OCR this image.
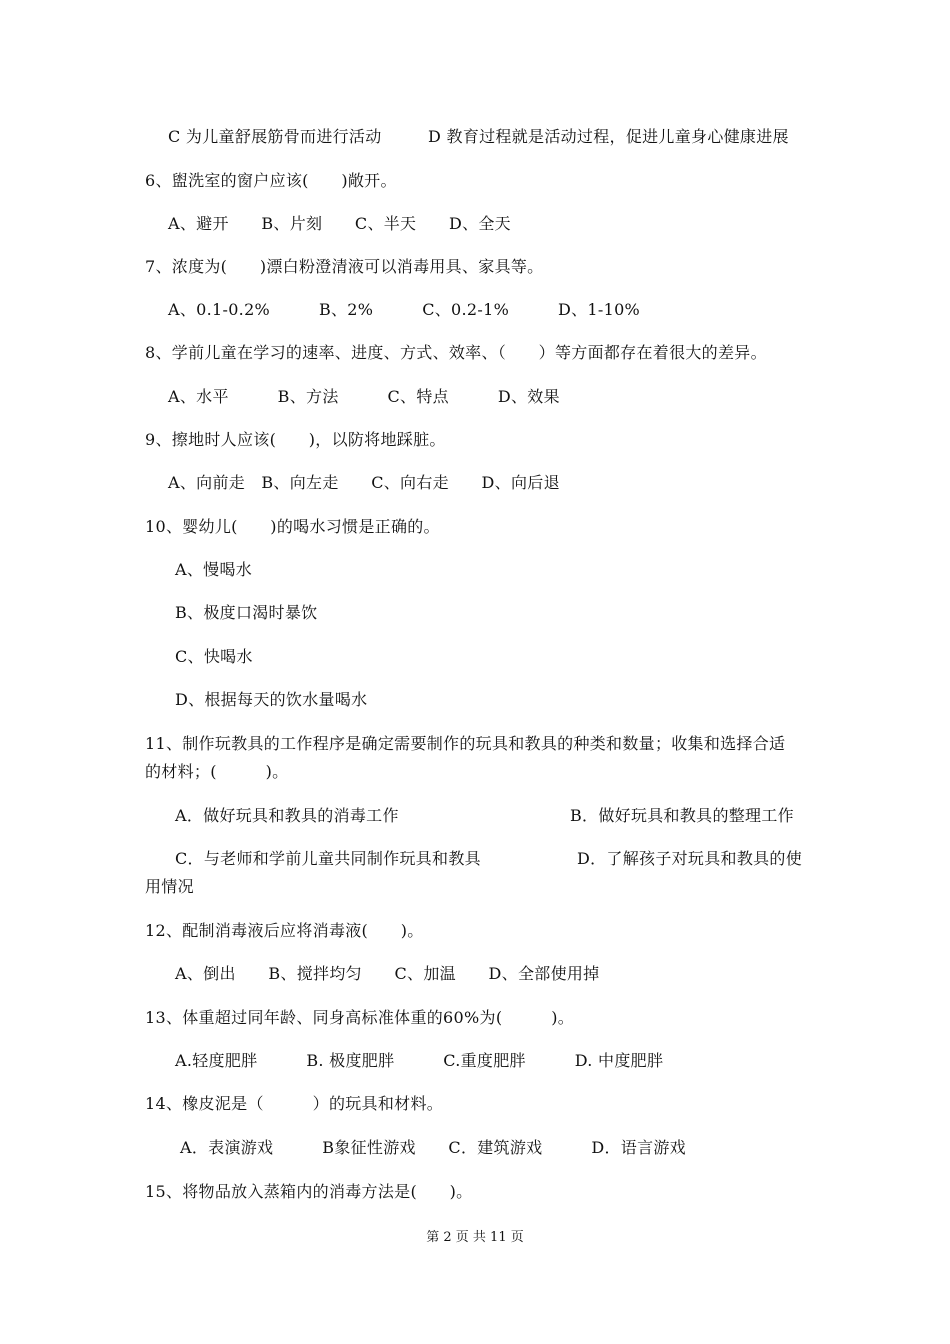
C 为儿童舒展筋骨而进行活动	D 教育过程就是活动过程，促进儿童身心健康进展
6、盥洗室的窗户应该(　　)敞开。
A、避开　　B、片刻　　C、半天　　D、全天
7、浓度为(　　)漂白粉澄清液可以消毒用具、家具等。
A、0.1-0.2%　　　B、2%　　　C、0.2-1%　　　D、1-10%
8、学前儿童在学习的速率、进度、方式、效率、（　　）等方面都存在着很大的差异。
A、水平　　　B、方法　　　C、特点　　　D、效果
9、擦地时人应该(　　)，以防将地踩脏。
A、向前走　B、向左走　　C、向右走　　D、向后退
10、婴幼儿(　　)的喝水习惯是正确的。
A、慢喝水
B、极度口渴时暴饮
C、快喝水
D、根据每天的饮水量喝水
11、制作玩教具的工作程序是确定需要制作的玩具和教具的种类和数量；收集和选择合适
的材料；(　　　)。
A．做好玩具和教具的消毒工作	B．做好玩具和教具的整理工作
C．与老师和学前儿童共同制作玩具和教具	D．了解孩子对玩具和教具的使
用情况
12、配制消毒液后应将消毒液(　　)。
A、倒出　　B、搅拌均匀　　C、加温　　D、全部使用掉
13、体重超过同年龄、同身高标准体重的60%为(　　　)。
A.轻度肥胖　　　B. 极度肥胖　　　C.重度肥胖　　　D. 中度肥胖
14、橡皮泥是（　　　）的玩具和材料。
A．表演游戏　　　B象征性游戏　　C．建筑游戏　　　D．语言游戏
15、将物品放入蒸箱内的消毒方法是(　　)。
第 2 页 共 11 页
